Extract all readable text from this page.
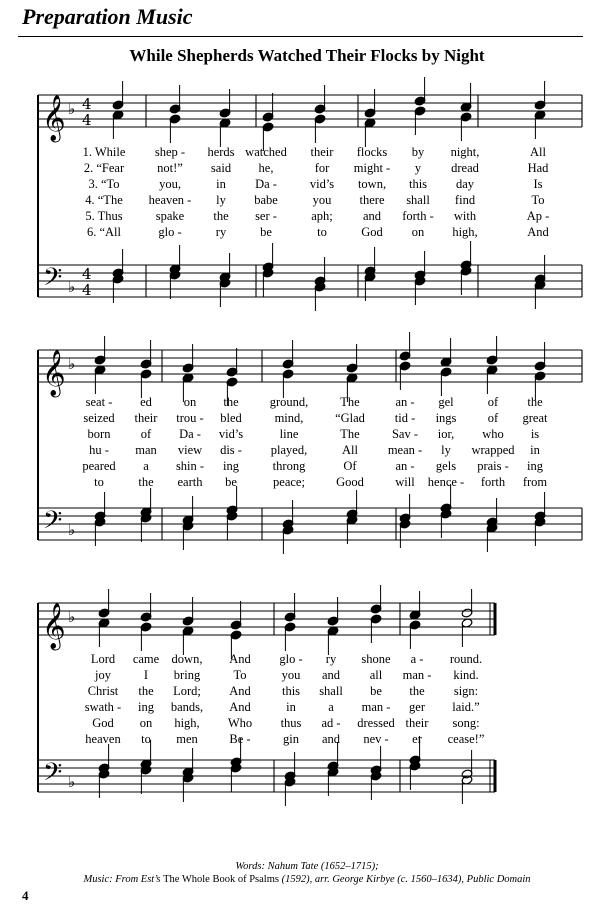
Preparation Music
While Shepherds Watched Their Flocks by Night
𝄞
𝄢
♭
♭
4
4
4
4
𝄞
𝄢
♭
♭
𝄞
𝄢
♭
♭
1. While shep - herds watched their flocks by night,	All
2. “Fear	not!” said he,	for might - y dread	Had
3. “To	you,	in Da -	vid’s town, this day	Is
4. “The heaven - ly babe	you there shall find	To
5. Thus	spake the ser -	aph; and forth - with	Ap -
6. “All	glo -	ry	be	to	God on high,	And
seat - ed	on the ground,	The	an - gel	of the
seized their trou - bled	mind,	“Glad tid - ings	of great
born of Da - vid’s	line	The	Sav - ior, who is
hu - man view dis - played,	All mean - ly wrapped in
peared a shin - ing	throng	Of	an - gels prais - ing
to	the earth be	peace; Good	will hence - forth from
Lord came down, And glo - ry shone a - round.
joy	I bring	To	you and all man - kind.
Christ the Lord; And this shall be the sign:
swath - ing bands, And	in	a man - ger laid.”
God on high, Who thus ad - dressed their song:
heaven to men	Be -	gin and nev - er cease!”
Words: Nahum Tate (1652–1715);
Music: From Est’s The Whole Book of Psalms (1592), arr. George Kirbye (c. 1560–1634), Public Domain
4
